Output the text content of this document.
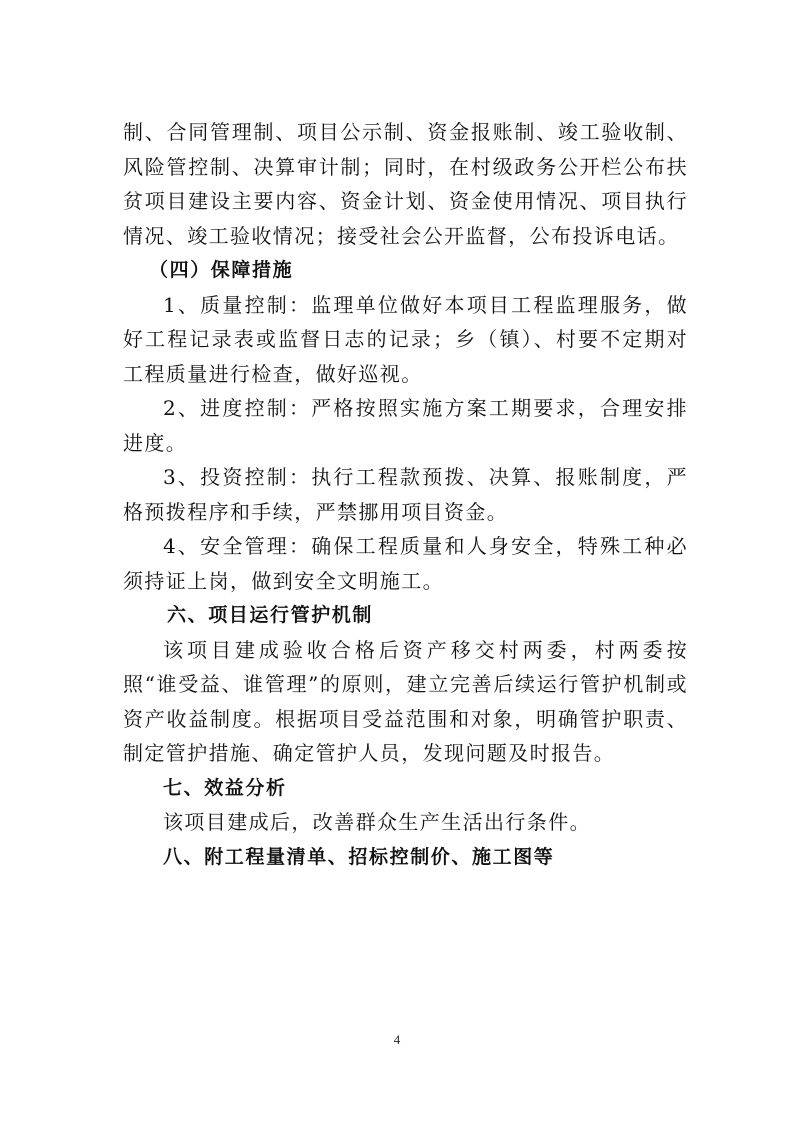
制、合同管理制、项目公示制、资金报账制、竣工验收制、风险管控制、决算审计制；同时，在村级政务公开栏公布扶贫项目建设主要内容、资金计划、资金使用情况、项目执行情况、竣工验收情况；接受社会公开监督，公布投诉电话。

（四）保障措施

1、质量控制：监理单位做好本项目工程监理服务，做好工程记录表或监督日志的记录；乡（镇）、村要不定期对工程质量进行检查，做好巡视。

2、进度控制：严格按照实施方案工期要求，合理安排进度。

3、投资控制：执行工程款预拨、决算、报账制度，严格预拨程序和手续，严禁挪用项目资金。

4、安全管理：确保工程质量和人身安全，特殊工种必须持证上岗，做到安全文明施工。

六、项目运行管护机制

该项目建成验收合格后资产移交村两委，村两委按照“谁受益、谁管理”的原则，建立完善后续运行管护机制或资产收益制度。根据项目受益范围和对象，明确管护职责、制定管护措施、确定管护人员，发现问题及时报告。

七、效益分析

该项目建成后，改善群众生产生活出行条件。

八、附工程量清单、招标控制价、施工图等

4
